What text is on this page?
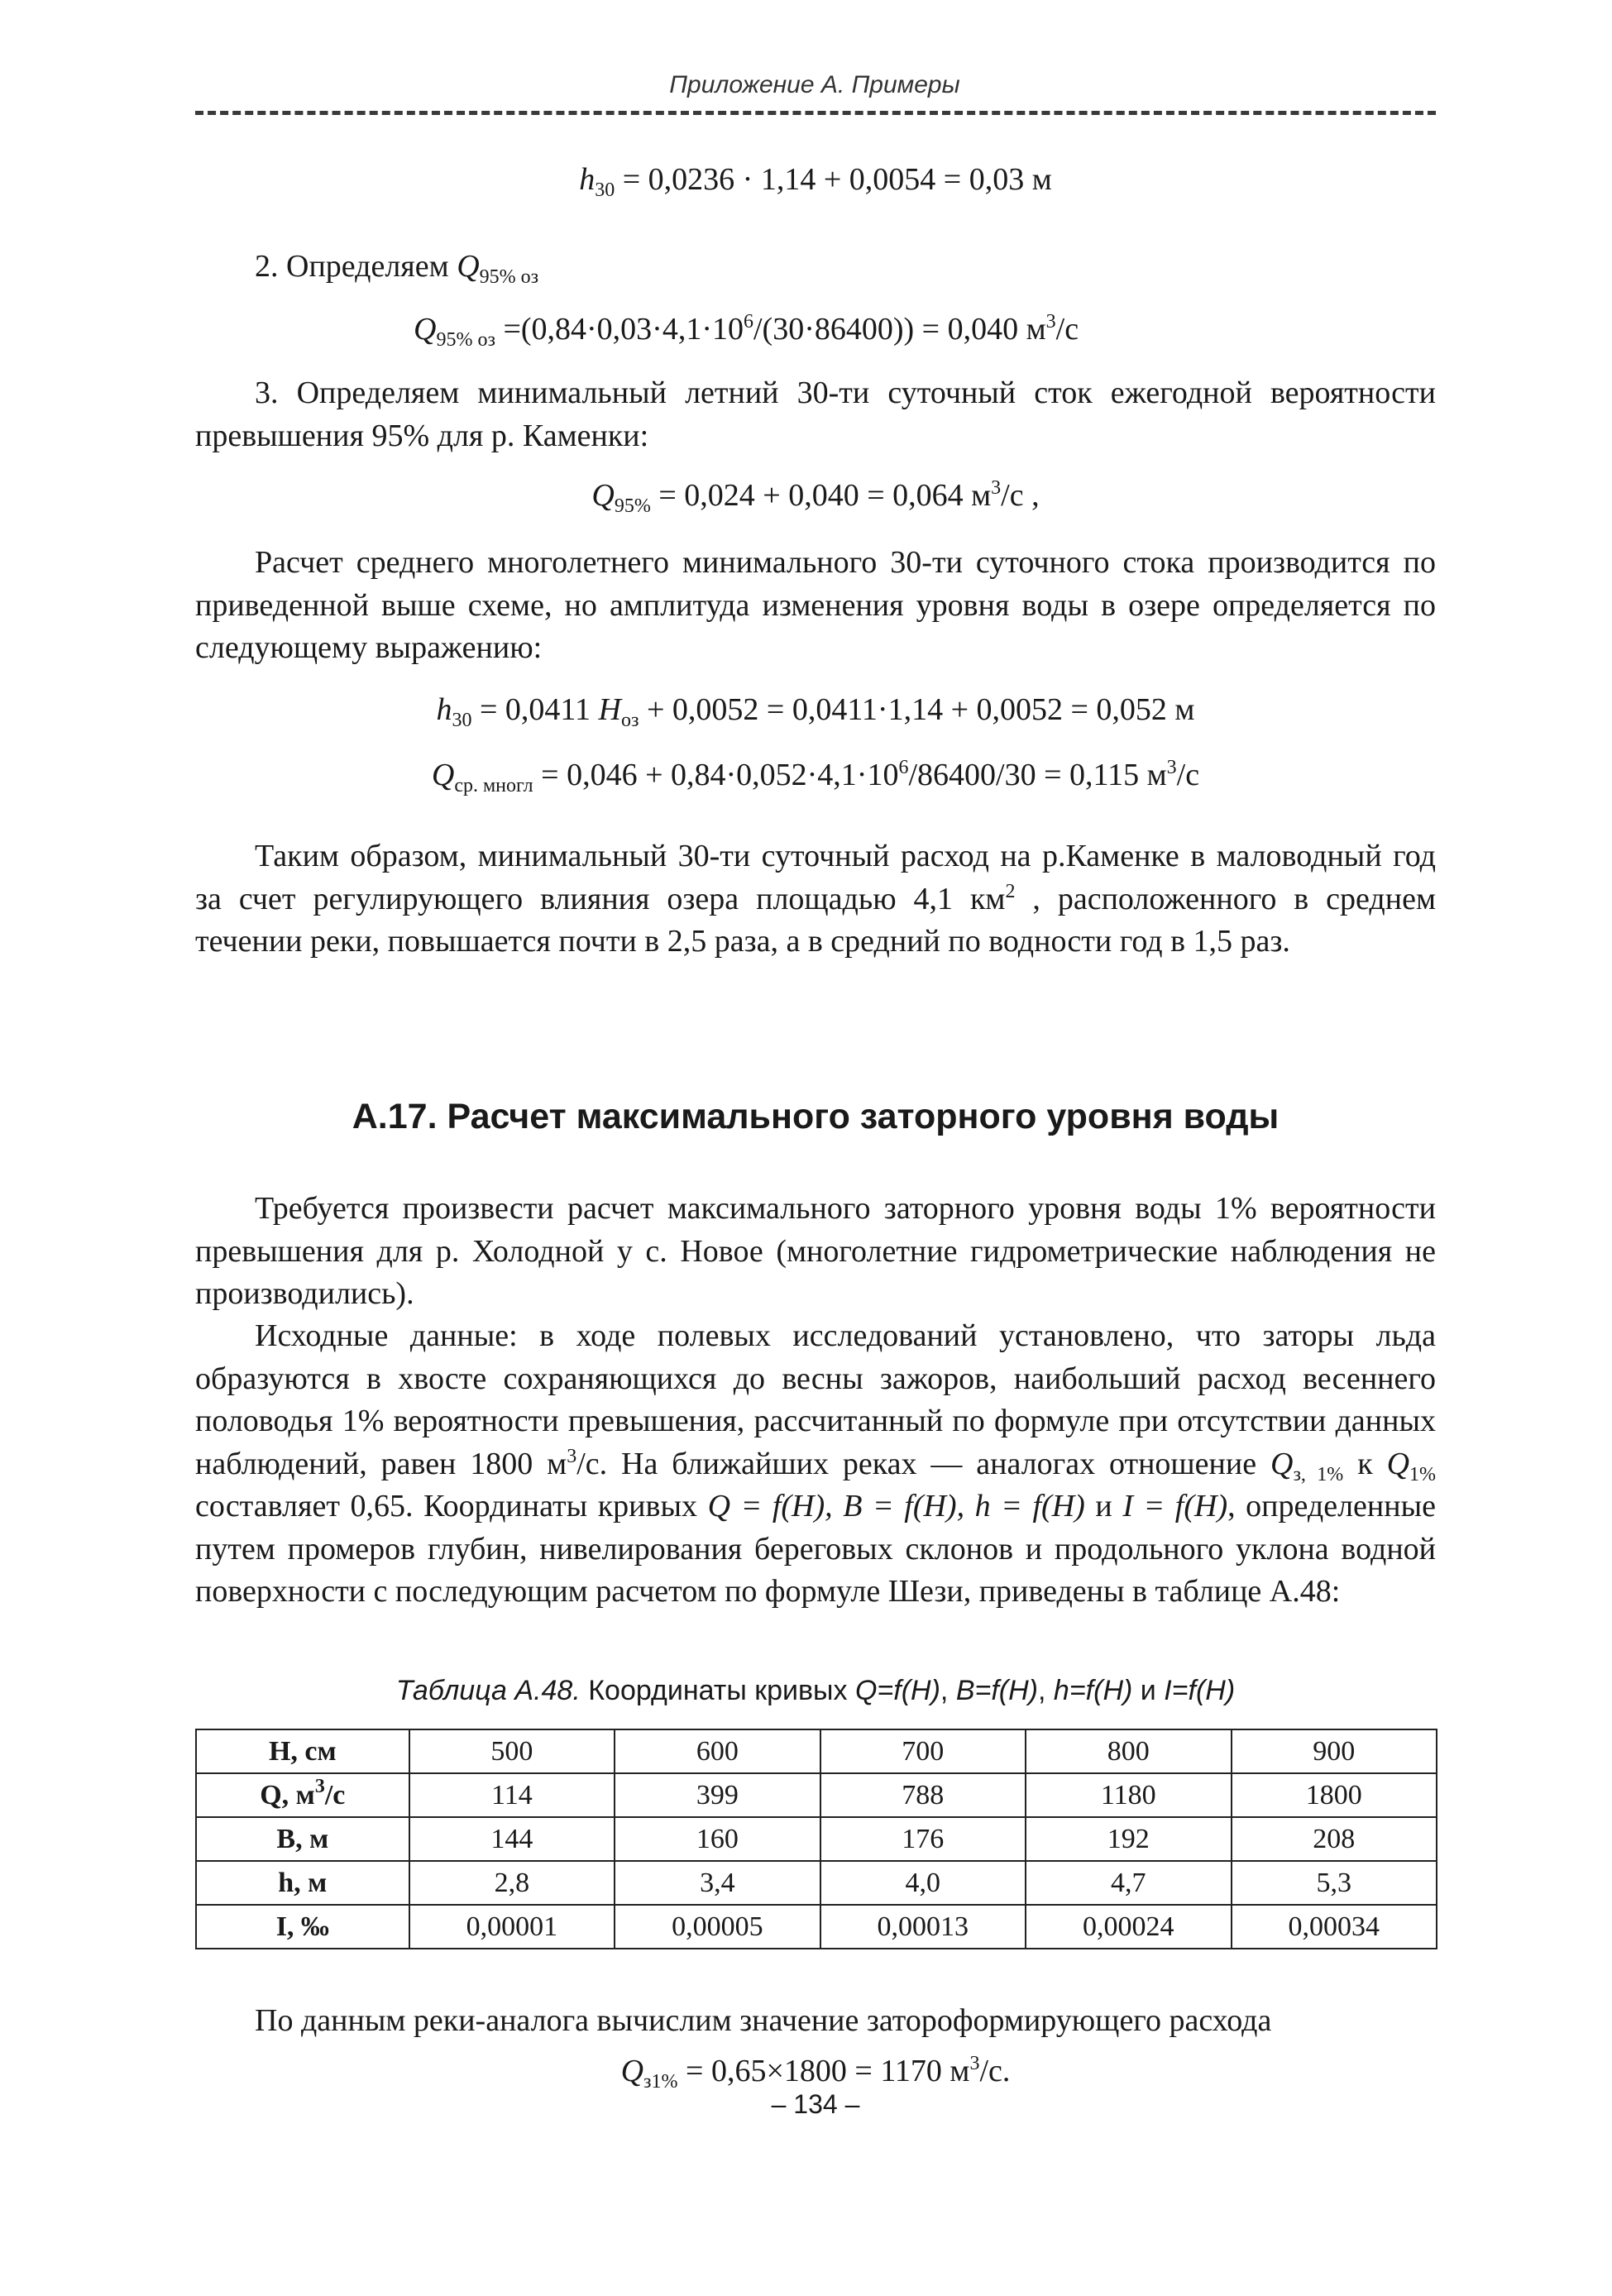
Приложение А. Примеры
$h_{30} = 0,0236 \cdot 1,14 + 0,0054 = 0,03$ м

2. Определяем $Q_{95\% оз}$

$Q_{95\% оз} =(0,84\cdot 0,03\cdot 4,1\cdot 10^6/(30\cdot 86400)) = 0,040$ $м^3/с$

3. Определяем минимальный летний 30-ти суточный сток ежегодной вероятности превышения 95% для р. Каменки:

$Q_{95\%} = 0,024 + 0,040 = 0,064$ $м^3/с$ ,

Расчет среднего многолетнего минимального 30-ти суточного стока производится по приведенной выше схеме, но амплитуда изменения уровня воды в озере определяется по следующему выражению:

$h_{30} = 0,0411$ $H_{оз} + 0,0052 = 0,0411\cdot 1,14 + 0,0052 = 0,052$ м
$Q_{ср. многл} = 0,046 + 0,84\cdot 0,052\cdot 4,1\cdot 10^6/86400/30 = 0,115$ $м^3/с$

Таким образом, минимальный 30-ти суточный расход на р.Каменке в маловодный год за счет регулирующего влияния озера площадью 4,1 $км^2$ , расположенного в среднем течении реки, повышается почти в 2,5 раза, а в средний по водности год в 1,5 раз.

А.17. Расчет максимального заторного уровня воды

Требуется произвести расчет максимального заторного уровня воды 1% вероятности превышения для р. Холодной у с. Новое (многолетние гидрометрические наблюдения не производились).

Исходные данные: в ходе полевых исследований установлено, что заторы льда образуются в хвосте сохраняющихся до весны зажоров, наибольший расход весеннего половодья 1% вероятности превышения, рассчитанный по формуле при отсутствии данных наблюдений, равен 1800 $м^3/с$. На ближайших реках — аналогах отношение $Q_{з, 1\%}$ к $Q_{1\%}$ составляет 0,65. Координаты кривых Q = f(H), B = f(H), h = f(H) и I = f(H), определенные путем промеров глубин, нивелирования береговых склонов и продольного уклона водной поверхности с последующим расчетом по формуле Шези, приведены в таблице А.48:

Таблица А.48. Координаты кривых Q=f(H), B=f(H), h=f(H) и I=f(H)
H, см	500	600	700	800	900
Q, $м^3/с$	114	399	788	1180	1800
B, м	144	160	176	192	208
h, м	2,8	3,4	4,0	4,7	5,3
I, ‰	0,00001	0,00005	0,00013	0,00024	0,00034

По данным реки-аналога вычислим значение затороформирующего расхода

$Q_{з1\%} = 0,65\times 1800 = 1170$ $м^3/с$.
– 134 –
